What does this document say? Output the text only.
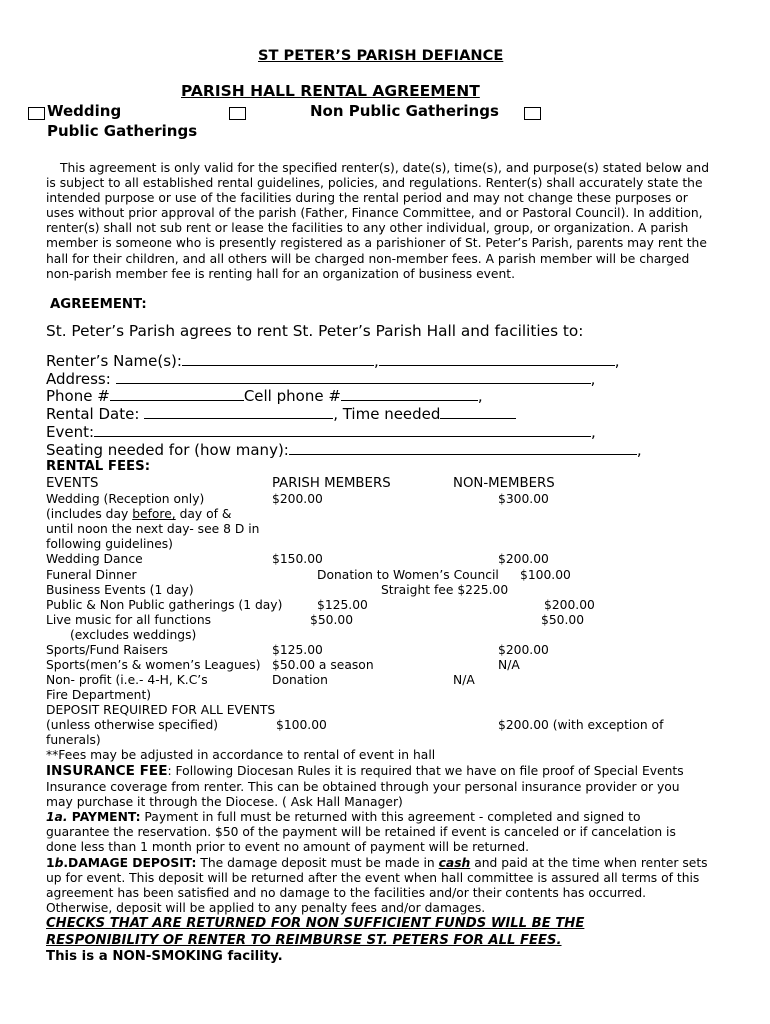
ST PETER’S PARISH DEFIANCE
PARISH HALL RENTAL AGREEMENT
Wedding	Non Public Gatherings
Public Gatherings
This agreement is only valid for the specified renter(s), date(s), time(s), and purpose(s) stated below and
is subject to all established rental guidelines, policies, and regulations. Renter(s) shall accurately state the
intended purpose or use of the facilities during the rental period and may not change these purposes or
uses without prior approval of the parish (Father, Finance Committee, and or Pastoral Council). In addition,
renter(s) shall not sub rent or lease the facilities to any other individual, group, or organization. A parish
member is someone who is presently registered as a parishioner of St. Peter’s Parish, parents may rent the
hall for their children, and all others will be charged non-member fees. A parish member will be charged
non-parish member fee is renting hall for an organization of business event.
AGREEMENT:
St. Peter’s Parish agrees to rent St. Peter’s Parish Hall and facilities to:
Renter’s Name(s):	,	,
Address:	,
Phone #	Cell phone #	,
Rental Date:	, Time needed
Event:	,
Seating needed for (how many):	,
RENTAL FEES:
EVENTS	PARISH MEMBERS	NON-MEMBERS
Wedding (Reception only)	$200.00	$300.00
(includes day before, day of &
until noon the next day- see 8 D in
following guidelines)
Wedding Dance	$150.00	$200.00
Funeral Dinner	Donation to Women’s Council $100.00
Business Events (1 day)	Straight fee $225.00
Public & Non Public gatherings (1 day)	$125.00	$200.00
Live music for all functions	$50.00	$50.00
(excludes weddings)
Sports/Fund Raisers	$125.00	$200.00
Sports(men’s & women’s Leagues) $50.00 a season	N/A
Non- profit (i.e.- 4-H, K.C’s	Donation	N/A
Fire Department)
DEPOSIT REQUIRED FOR ALL EVENTS
(unless otherwise specified)	$100.00	$200.00 (with exception of
funerals)
**Fees may be adjusted in accordance to rental of event in hall
INSURANCE FEE: Following Diocesan Rules it is required that we have on file proof of Special Events
Insurance coverage from renter. This can be obtained through your personal insurance provider or you
may purchase it through the Diocese. ( Ask Hall Manager)
1a. PAYMENT: Payment in full must be returned with this agreement - completed and signed to
guarantee the reservation. $50 of the payment will be retained if event is canceled or if cancelation is
done less than 1 month prior to event no amount of payment will be returned.
1b.DAMAGE DEPOSIT: The damage deposit must be made in cash and paid at the time when renter sets
up for event. This deposit will be returned after the event when hall committee is assured all terms of this
agreement has been satisfied and no damage to the facilities and/or their contents has occurred.
Otherwise, deposit will be applied to any penalty fees and/or damages.
CHECKS THAT ARE RETURNED FOR NON SUFFICIENT FUNDS WILL BE THE
RESPONIBILITY OF RENTER TO REIMBURSE ST. PETERS FOR ALL FEES.
This is a NON-SMOKING facility.
